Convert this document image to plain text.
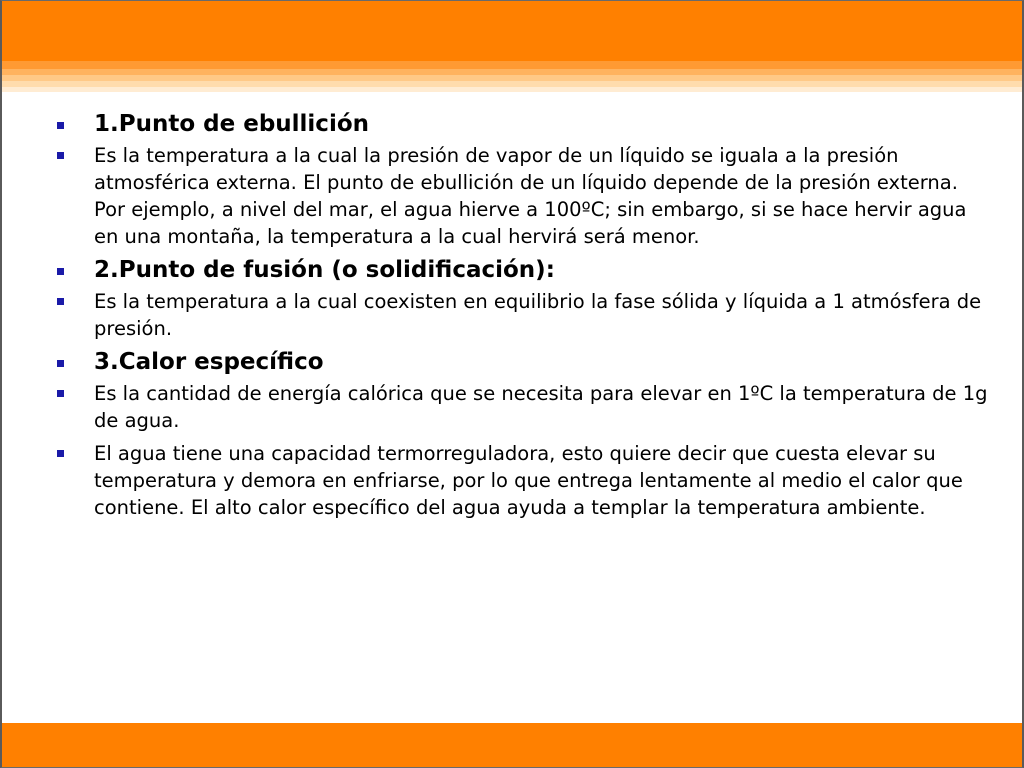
1.Punto de ebullición
Es la temperatura a la cual la presión de vapor de un líquido se iguala a la presión atmosférica externa. El punto de ebullición de un líquido depende de la presión externa. Por ejemplo, a nivel del mar, el agua hierve a 100ºC; sin embargo, si se hace hervir agua en una montaña, la temperatura a la cual hervirá será menor.
2.Punto de fusión (o solidificación):
Es la temperatura a la cual coexisten en equilibrio la fase sólida y líquida a 1 atmósfera de presión.
3.Calor específico
Es la cantidad de energía calórica que se necesita para elevar en 1ºC la temperatura de 1g de agua.
El agua tiene una capacidad termorreguladora, esto quiere decir que cuesta elevar su temperatura y demora en enfriarse, por lo que entrega lentamente al medio el calor que contiene. El alto calor específico del agua ayuda a templar la temperatura ambiente.
